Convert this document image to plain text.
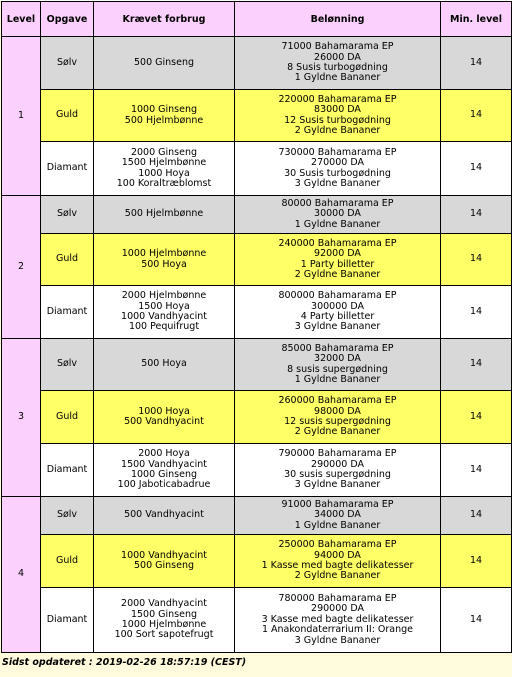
Level	Opgave	Krævet forbrug	Belønning	Min. level
1	Sølv	500 Ginseng	71000 Bahamarama EP
26000 DA
8 Susis turbogødning
1 Gyldne Bananer	14
	Guld	1000 Ginseng
500 Hjelmbønne	220000 Bahamarama EP
83000 DA
12 Susis turbogødning
2 Gyldne Bananer	14
	Diamant	2000 Ginseng
1500 Hjelmbønne
1000 Hoya
100 Koraltræblomst	730000 Bahamarama EP
270000 DA
30 Susis turbogødning
3 Gyldne Bananer	14
2	Sølv	500 Hjelmbønne	80000 Bahamarama EP
30000 DA
1 Gyldne Bananer	14
	Guld	1000 Hjelmbønne
500 Hoya	240000 Bahamarama EP
92000 DA
1 Party billetter
2 Gyldne Bananer	14
	Diamant	2000 Hjelmbønne
1500 Hoya
1000 Vandhyacint
100 Pequifrugt	800000 Bahamarama EP
300000 DA
4 Party billetter
3 Gyldne Bananer	14
3	Sølv	500 Hoya	85000 Bahamarama EP
32000 DA
8 susis supergødning
1 Gyldne Bananer	14
	Guld	1000 Hoya
500 Vandhyacint	260000 Bahamarama EP
98000 DA
12 susis supergødning
2 Gyldne Bananer	14
	Diamant	2000 Hoya
1500 Vandhyacint
1000 Ginseng
100 Jaboticabadrue	790000 Bahamarama EP
290000 DA
30 susis supergødning
3 Gyldne Bananer	14
4	Sølv	500 Vandhyacint	91000 Bahamarama EP
34000 DA
1 Gyldne Bananer	14
	Guld	1000 Vandhyacint
500 Ginseng	250000 Bahamarama EP
94000 DA
1 Kasse med bagte delikatesser
2 Gyldne Bananer	14
	Diamant	2000 Vandhyacint
1500 Ginseng
1000 Hjelmbønne
100 Sort sapotefrugt	780000 Bahamarama EP
290000 DA
3 Kasse med bagte delikatesser
1 Anakondaterrarium II: Orange
3 Gyldne Bananer	14
Sidst opdateret : 2019-02-26 18:57:19 (CEST)
